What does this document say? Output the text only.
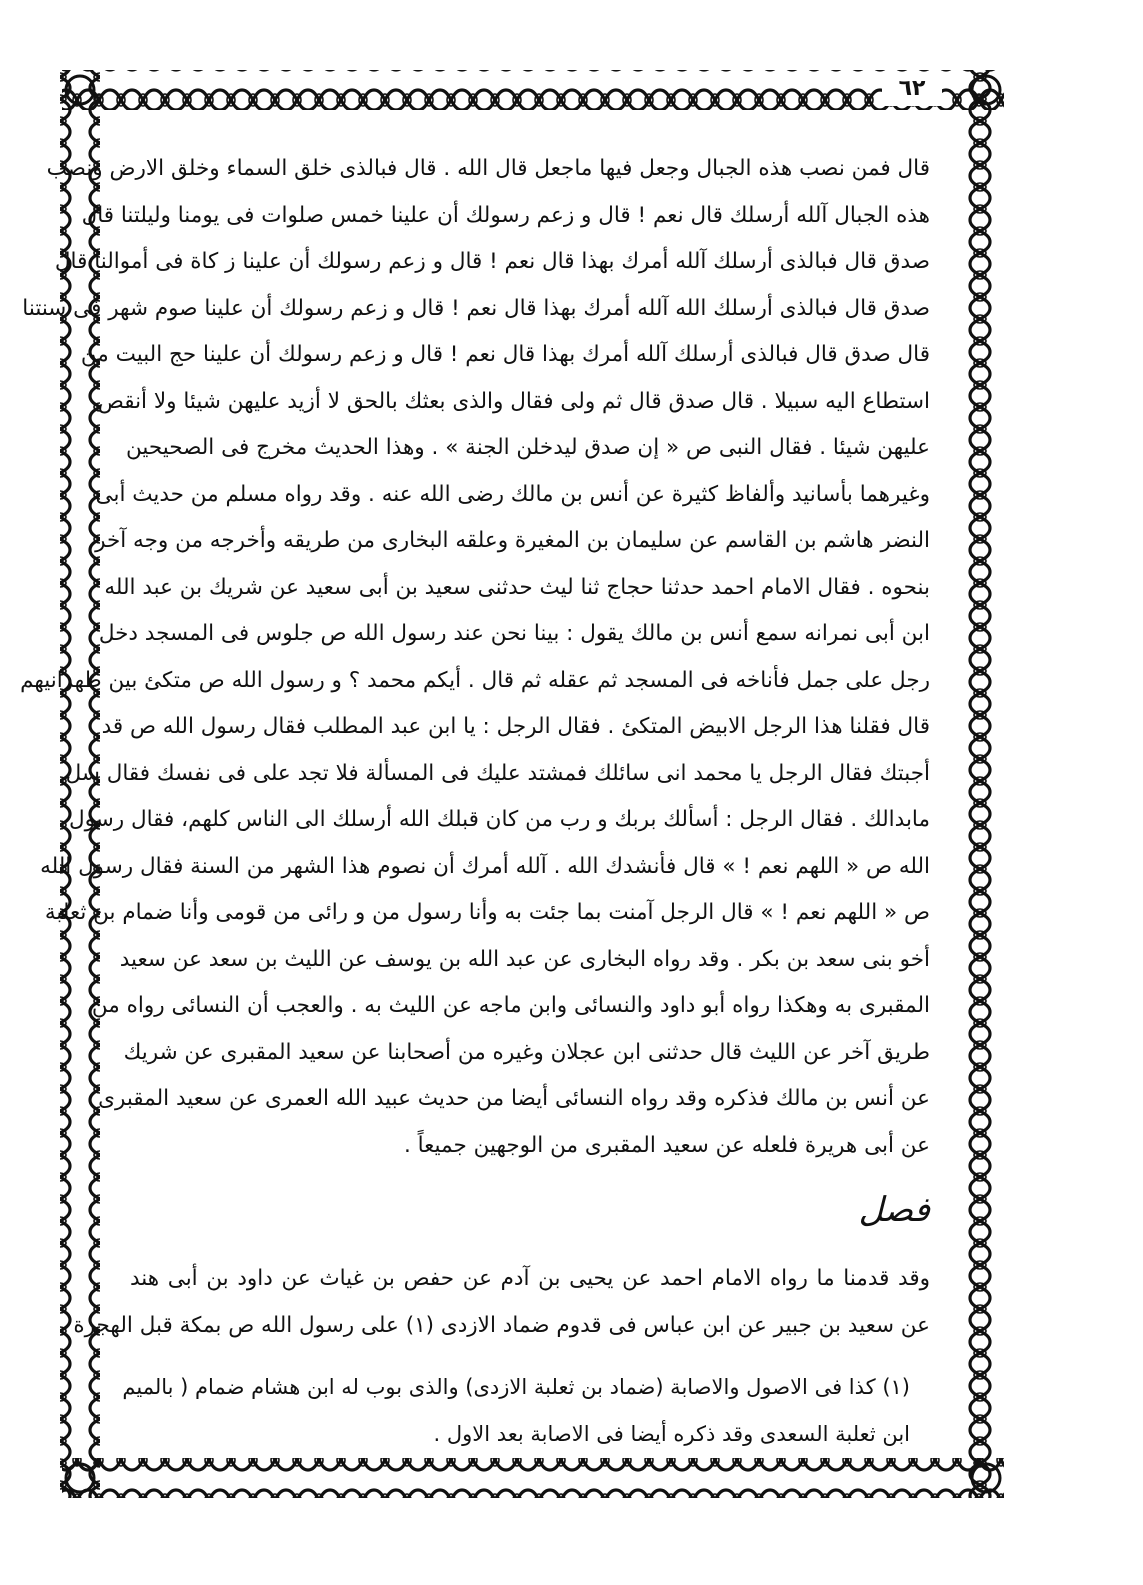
٦٢
قال فمن نصب هذه الجبال وجعل فيها ماجعل قال الله . قال فبالذى خلق السماء وخلق الارض ونصب
هذه الجبال آلله أرسلك قال نعم ! قال و زعم رسولك أن علينا خمس صلوات فى يومنا وليلتنا قال
صدق قال فبالذى أرسلك آلله أمرك بهذا قال نعم ! قال و زعم رسولك أن علينا ز كاة فى أموالنا قال
صدق قال فبالذى أرسلك الله آلله أمرك بهذا قال نعم ! قال و زعم رسولك أن علينا صوم شهر فى سنتنا
قال صدق قال فبالذى أرسلك آلله أمرك بهذا قال نعم ! قال و زعم رسولك أن علينا حج البيت من
استطاع اليه سبيلا . قال صدق قال ثم ولى فقال والذى بعثك بالحق لا أزيد عليهن شيئا ولا أنقص
عليهن شيئا . فقال النبى ص « إن صدق ليدخلن الجنة » . وهذا الحديث مخرج فى الصحيحين
وغيرهما بأسانيد وألفاظ كثيرة عن أنس بن مالك رضى الله عنه . وقد رواه مسلم من حديث أبى
النضر هاشم بن القاسم عن سليمان بن المغيرة وعلقه البخارى من طريقه وأخرجه من وجه آخر
بنحوه . فقال الامام احمد حدثنا حجاج ثنا ليث حدثنى سعيد بن أبى سعيد عن شريك بن عبد الله
ابن أبى نمرانه سمع أنس بن مالك يقول : بينا نحن عند رسول الله ص جلوس فى المسجد دخل
رجل على جمل فأناخه فى المسجد ثم عقله ثم قال . أيكم محمد ؟ و رسول الله ص متكئ بين ظهرانيهم
قال فقلنا هذا الرجل الابيض المتكئ . فقال الرجل : يا ابن عبد المطلب فقال رسول الله ص قد
أجبتك فقال الرجل يا محمد انى سائلك فمشتد عليك فى المسألة فلا تجد على فى نفسك فقال سل
مابدالك . فقال الرجل : أسألك بربك و رب من كان قبلك الله أرسلك الى الناس كلهم، فقال رسول
الله ص « اللهم نعم ! » قال فأنشدك الله . آلله أمرك أن نصوم هذا الشهر من السنة فقال رسول الله
ص « اللهم نعم ! » قال الرجل آمنت بما جئت به وأنا رسول من و رائى من قومى وأنا ضمام بن ثعلبة
أخو بنى سعد بن بكر . وقد رواه البخارى عن عبد الله بن يوسف عن الليث بن سعد عن سعيد
المقبرى به وهكذا رواه أبو داود والنسائى وابن ماجه عن الليث به . والعجب أن النسائى رواه من
طريق آخر عن الليث قال حدثنى ابن عجلان وغيره من أصحابنا عن سعيد المقبرى عن شريك
عن أنس بن مالك فذكره وقد رواه النسائى أيضا من حديث عبيد الله العمرى عن سعيد المقبرى
عن أبى هريرة فلعله عن سعيد المقبرى من الوجهين جميعاً .
فصل
وقد قدمنا ما رواه الامام احمد عن يحيى بن آدم عن حفص بن غياث عن داود بن أبى هند
عن سعيد بن جبير عن ابن عباس فى قدوم ضماد الازدى (١) على رسول الله ص بمكة قبل الهجرة
(١) كذا فى الاصول والاصابة (ضماد بن ثعلبة الازدى) والذى بوب له ابن هشام ضمام ( بالميم
ابن ثعلبة السعدى وقد ذكره أيضا فى الاصابة بعد الاول .
